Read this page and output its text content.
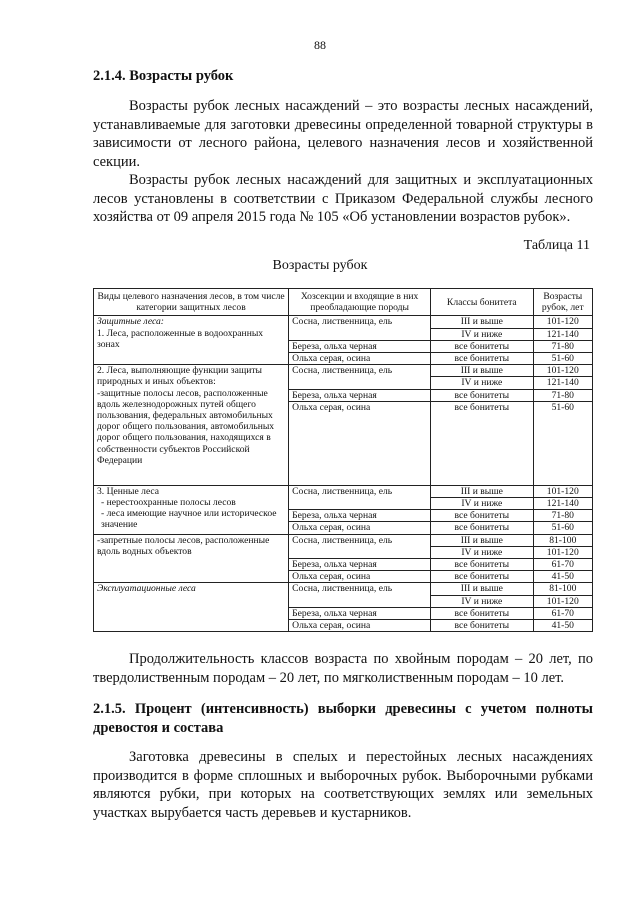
88
2.1.4. Возрасты рубок

Возрасты рубок лесных насаждений – это возрасты лесных насаждений, устанавливаемые для заготовки древесины определенной товарной структуры в зависимости от лесного района, целевого назначения лесов и хозяйственной секции.

Возрасты рубок лесных насаждений для защитных и эксплуатационных лесов установлены в соответствии с Приказом Федеральной службы лесного хозяйства от 09 апреля 2015 года № 105 «Об установлении возрастов рубок».

Таблица 11
Возрасты рубок
Виды целевого назначения лесов, в том числе категории защитных лесов	Хозсекции и входящие в них преобладающие породы	Классы бонитета	Возрасты рубок, лет

Защитные леса:
1. Леса, расположенные в водоохранных зонах	Сосна, лиственница, ель	III и выше	101-120
		IV и ниже	121-140
	Береза, ольха черная	все бонитеты	71-80
	Ольха серая, осина	все бонитеты	51-60

2. Леса, выполняющие функции защиты природных и иных объектов:
-защитные полосы лесов, расположенные вдоль железнодорожных путей общего пользования, федеральных автомобильных дорог общего пользования, автомобильных дорог общего пользования, находящихся в собственности субъектов Российской Федерации	Сосна, лиственница, ель	III и выше	101-120
		IV и ниже	121-140
	Береза, ольха черная	все бонитеты	71-80
	Ольха серая, осина	все бонитеты	51-60

3. Ценные леса
- нерестоохранные полосы лесов
- леса имеющие научное или историческое значение	Сосна, лиственница, ель	III и выше	101-120
		IV и ниже	121-140
	Береза, ольха черная	все бонитеты	71-80
	Ольха серая, осина	все бонитеты	51-60

-запретные полосы лесов, расположенные вдоль водных объектов	Сосна, лиственница, ель	III и выше	81-100
		IV и ниже	101-120
	Береза, ольха черная	все бонитеты	61-70
	Ольха серая, осина	все бонитеты	41-50

Эксплуатационные леса	Сосна, лиственница, ель	III и выше	81-100
		IV и ниже	101-120
	Береза, ольха черная	все бонитеты	61-70
	Ольха серая, осина	все бонитеты	41-50

Продолжительность классов возраста по хвойным породам – 20 лет, по твердолиственным породам – 20 лет, по мягколиственным породам – 10 лет.

2.1.5. Процент (интенсивность) выборки древесины с учетом полноты древостоя и состава

Заготовка древесины в спелых и перестойных лесных насаждениях производится в форме сплошных и выборочных рубок. Выборочными рубками являются рубки, при которых на соответствующих землях или земельных участках вырубается часть деревьев и кустарников.
